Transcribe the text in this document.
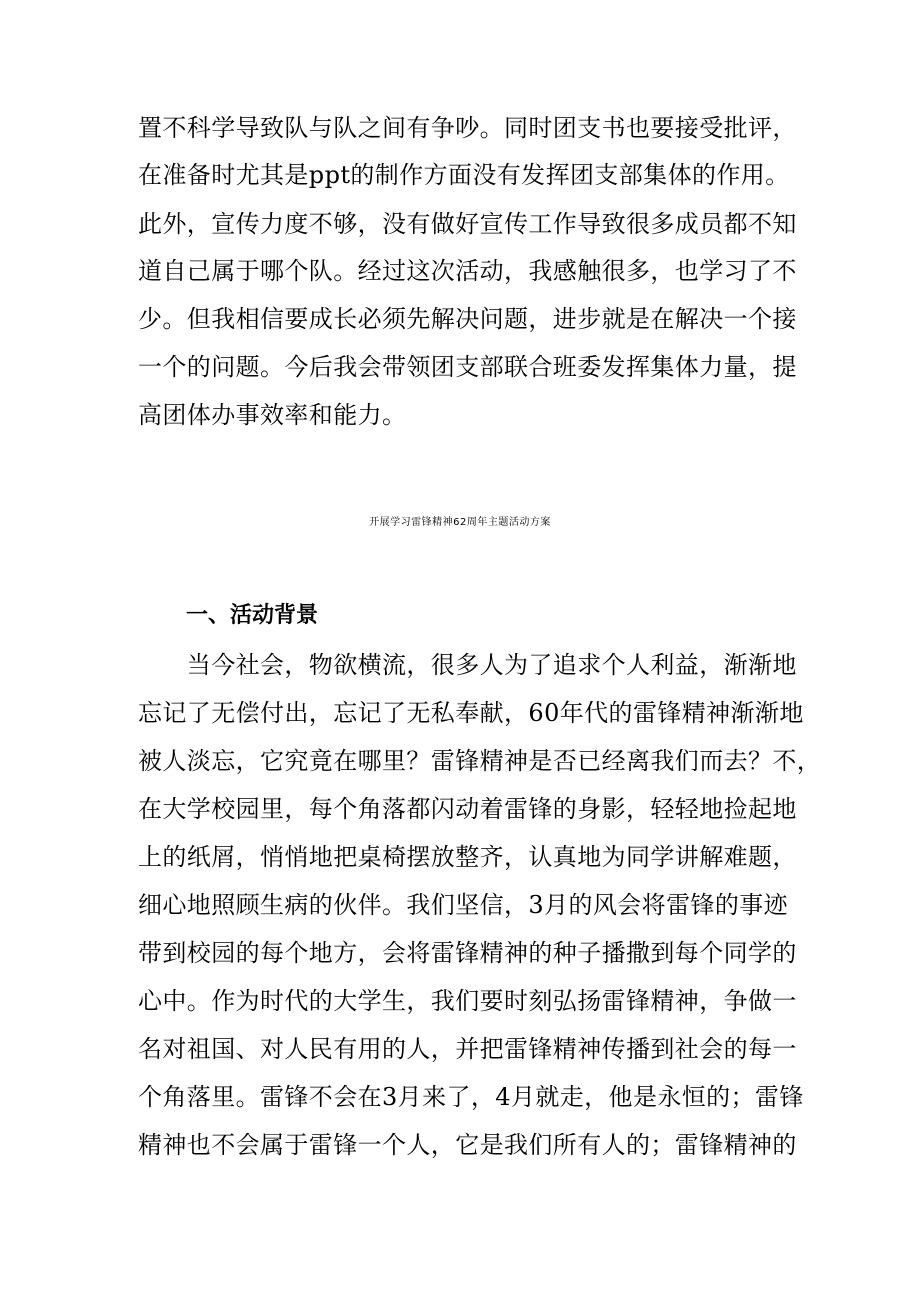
置不科学导致队与队之间有争吵。同时团支书也要接受批评，
在准备时尤其是ppt的制作方面没有发挥团支部集体的作用。
此外，宣传力度不够，没有做好宣传工作导致很多成员都不知
道自己属于哪个队。经过这次活动，我感触很多，也学习了不
少。但我相信要成长必须先解决问题，进步就是在解决一个接
一个的问题。今后我会带领团支部联合班委发挥集体力量，提
高团体办事效率和能力。
开展学习雷锋精神62周年主题活动方案
一、活动背景
　　当今社会，物欲横流，很多人为了追求个人利益，渐渐地
忘记了无偿付出，忘记了无私奉献，60年代的雷锋精神渐渐地
被人淡忘，它究竟在哪里？雷锋精神是否已经离我们而去？不，
在大学校园里，每个角落都闪动着雷锋的身影，轻轻地捡起地
上的纸屑，悄悄地把桌椅摆放整齐，认真地为同学讲解难题，
细心地照顾生病的伙伴。我们坚信，3月的风会将雷锋的事迹
带到校园的每个地方，会将雷锋精神的种子播撒到每个同学的
心中。作为时代的大学生，我们要时刻弘扬雷锋精神，争做一
名对祖国、对人民有用的人，并把雷锋精神传播到社会的每一
个角落里。雷锋不会在3月来了，4月就走，他是永恒的；雷锋
精神也不会属于雷锋一个人，它是我们所有人的；雷锋精神的
